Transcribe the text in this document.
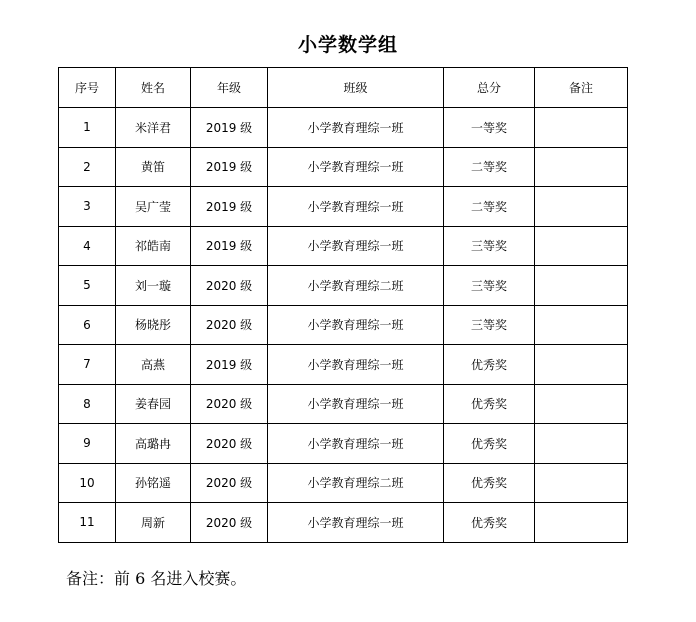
小学数学组
序号	姓名	年级	班级	总分	备注
1	米洋君	2019 级	小学教育理综一班	一等奖	
2	黄笛	2019 级	小学教育理综一班	二等奖	
3	吴广莹	2019 级	小学教育理综一班	二等奖	
4	祁皓南	2019 级	小学教育理综一班	三等奖	
5	刘一璇	2020 级	小学教育理综二班	三等奖	
6	杨晓彤	2020 级	小学教育理综一班	三等奖	
7	高燕	2019 级	小学教育理综一班	优秀奖	
8	姜春园	2020 级	小学教育理综一班	优秀奖	
9	高璐冉	2020 级	小学教育理综一班	优秀奖	
10	孙铭遥	2020 级	小学教育理综二班	优秀奖	
11	周新	2020 级	小学教育理综一班	优秀奖	
备注：前 6 名进入校赛。
